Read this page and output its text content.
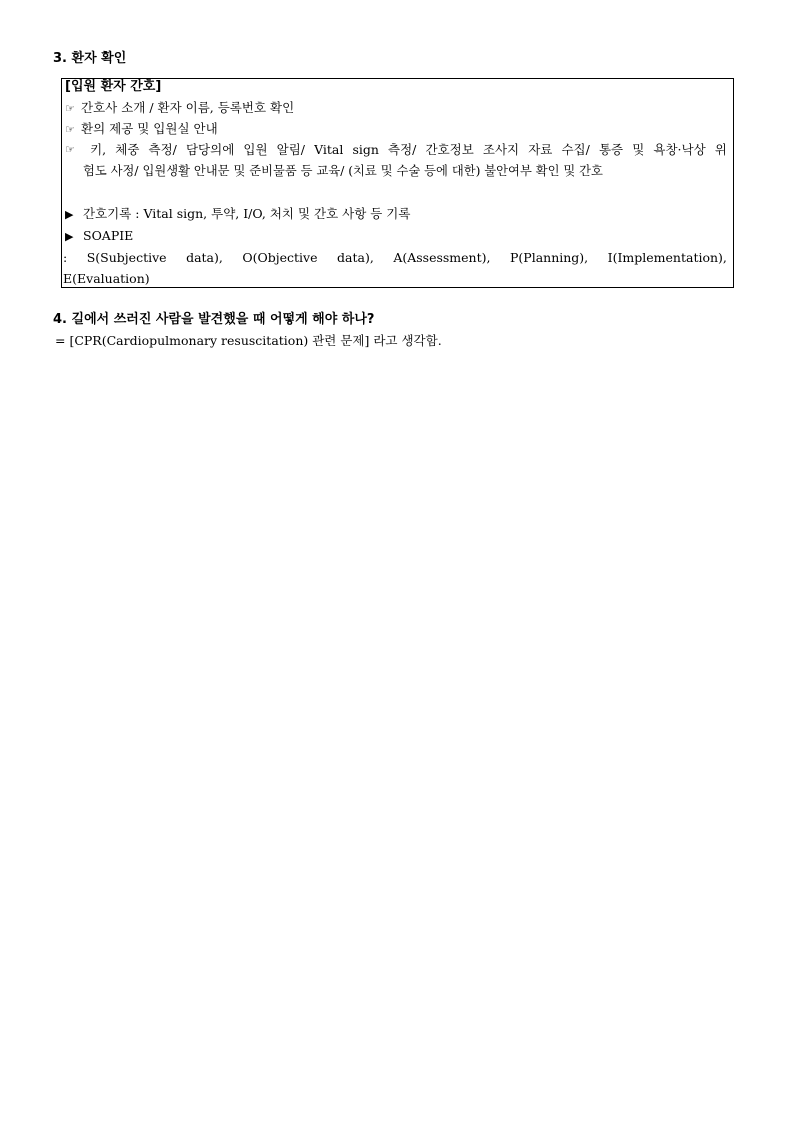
3. 환자 확인
[입원 환자 간호]
☞ 간호사 소개 / 환자 이름, 등록번호 확인
☞ 환의 제공 및 입원실 안내
☞	키, 체중 측정/ 담당의에 입원 알림/ Vital sign 측정/ 간호정보 조사지 자료 수집/ 통증 및 욕창·낙상 위
험도 사정/ 입원생활 안내문 및 준비물품 등 교육/ (치료 및 수술 등에 대한) 불안여부 확인 및 간호
▶ 간호기록 : Vital sign, 투약, I/O, 처치 및 간호 사항 등 기록
▶ SOAPIE
: S(Subjective data), O(Objective data), A(Assessment), P(Planning), I(Implementation),
E(Evaluation)
4. 길에서 쓰러진 사람을 발견했을 때 어떻게 해야 하나?
= [CPR(Cardiopulmonary resuscitation) 관련 문제] 라고 생각함.
